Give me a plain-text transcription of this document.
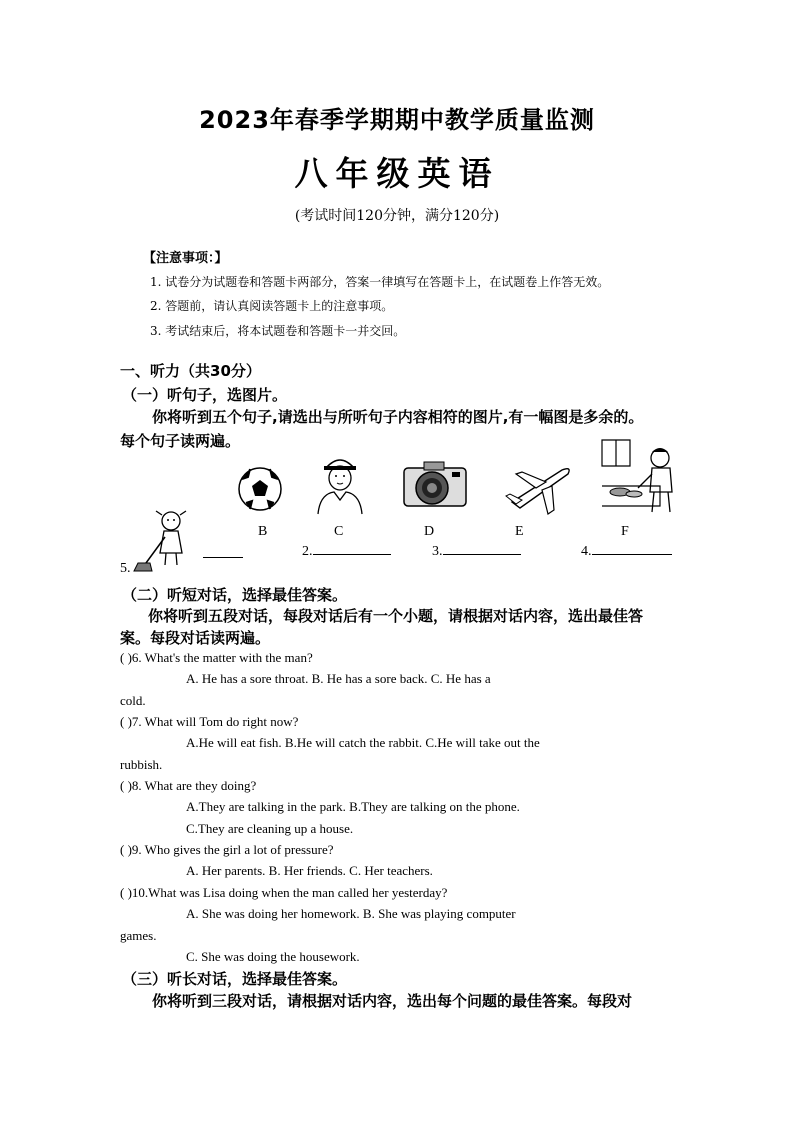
2023年春季学期期中教学质量监测
八年级英语
(考试时间120分钟，满分120分)
【注意事项：】
1. 试卷分为试题卷和答题卡两部分，答案一律填写在答题卡上，在试题卷上作答无效。
2. 答题前，请认真阅读答题卡上的注意事项。
3. 考试结束后，将本试题卷和答题卡一并交回。
一、听力（共30分）
（一）听句子，选图片。
你将听到五个句子,请选出与所听句子内容相符的图片,有一幅图是多余的。
每个句子读两遍。
B	C	D	E	F
2.	3.	4.
5.
（二）听短对话，选择最佳答案。
你将听到五段对话，每段对话后有一个小题，请根据对话内容，选出最佳答
案。每段对话读两遍。
( )6. What's the matter with the man?
A. He has a sore throat. B. He has a sore back. C. He has a
cold.
( )7. What will Tom do right now?
A.He will eat fish. B.He will catch the rabbit. C.He will take out the
rubbish.
( )8. What are they doing?
A.They are talking in the park. B.They are talking on the phone.
C.They are cleaning up a house.
( )9. Who gives the girl a lot of pressure?
A. Her parents. B. Her friends. C. Her teachers.
( )10.What was Lisa doing when the man called her yesterday?
A. She was doing her homework. B. She was playing computer
games.
C. She was doing the housework.
（三）听长对话，选择最佳答案。
你将听到三段对话，请根据对话内容，选出每个问题的最佳答案。每段对
